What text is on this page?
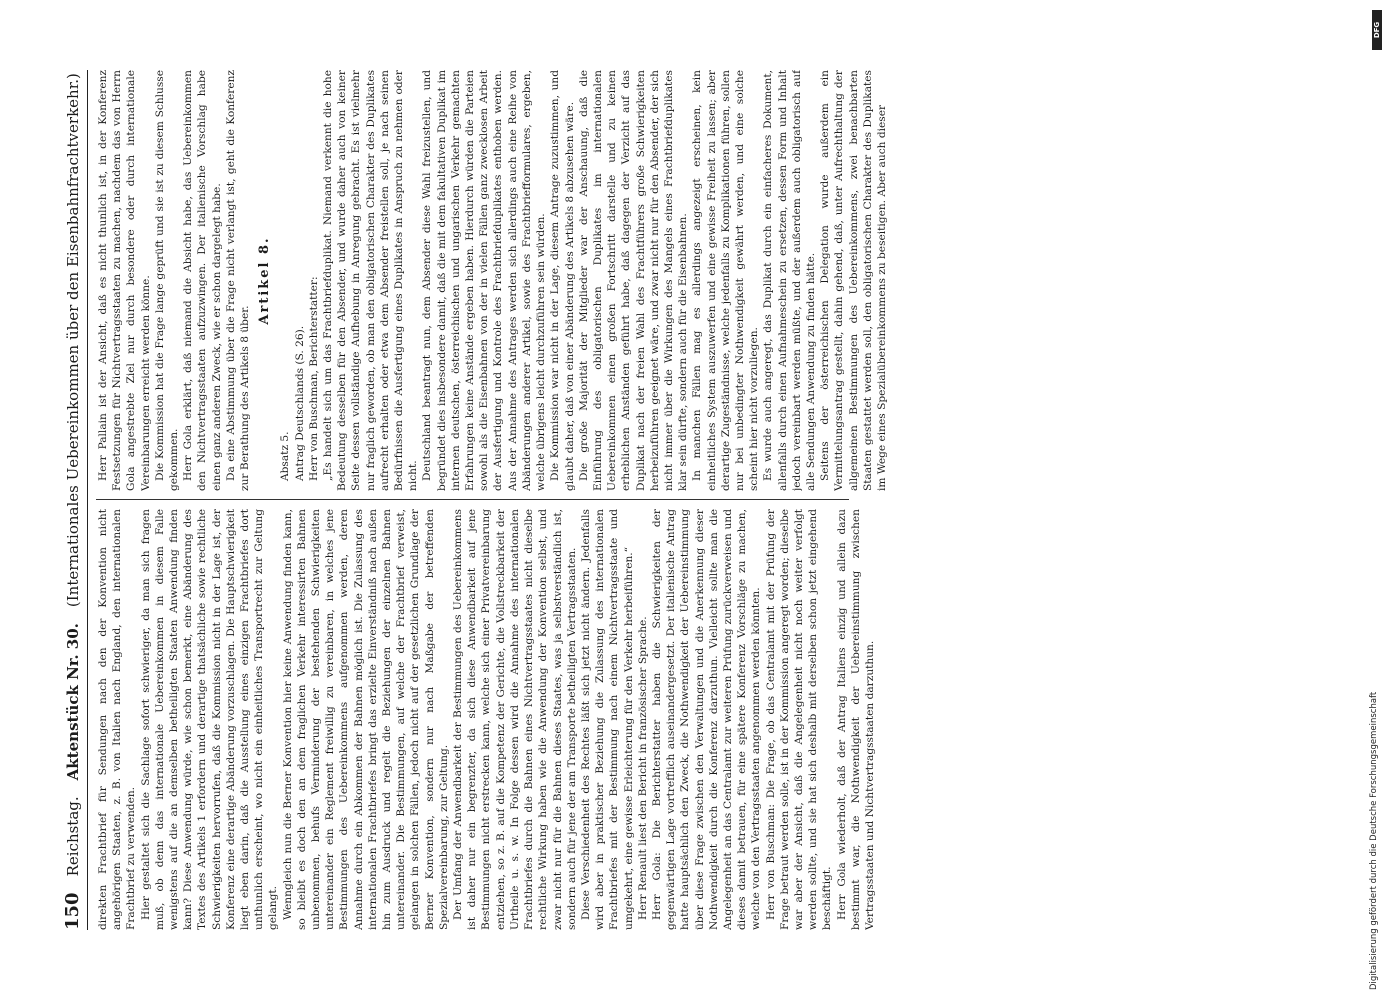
150
Reichstag.
Aktenstück Nr. 30.
(Internationales Uebereinkommen über den Eisenbahnfrachtverkehr.)

direkten Frachtbrief für Sendungen nach den der Konvention nicht angehörigen Staaten, z. B. von Italien nach England, den internationalen Frachtbrief zu verwenden. Hier gestaltet sich die Sachlage sofort schwieriger, da man sich fragen muß, ob denn das internationale Uebereinkommen in diesem Falle wenigstens auf die an demselben betheiligten Staaten Anwendung finden kann? Diese Anwendung würde, wie schon bemerkt, eine Abänderung des Textes des Artikels 1 erfordern und derartige thatsächliche sowie rechtliche Schwierigkeiten hervorrufen, daß die Kommission nicht in der Lage ist, der Konferenz eine derartige Abänderung vorzuschlagen. Die Hauptschwierigkeit liegt eben darin, daß die Ausstellung eines einzigen Frachtbriefes dort unthunlich erscheint, wo nicht ein einheitliches Transportrecht zur Geltung gelangt. Wenngleich nun die Berner Konvention hier keine Anwendung finden kann, so bleibt es doch den an dem fraglichen Verkehr interessirten Bahnen unbenommen, behufs Verminderung der bestehenden Schwierigkeiten untereinander ein Reglement freiwillig zu vereinbaren, in welches jene Bestimmungen des Uebereinkommens aufgenommen werden, deren Annahme durch ein Abkommen der Bahnen möglich ist. Die Zulassung des internationalen Frachtbriefes bringt das erzielte Einverständniß nach außen hin zum Ausdruck und regelt die Beziehungen der einzelnen Bahnen untereinander. Die Bestimmungen, auf welche der Frachtbrief verweist, gelangen in solchen Fällen, jedoch nicht auf der gesetzlichen Grundlage der Berner Konvention, sondern nur nach Maßgabe der betreffenden Spezialvereinbarung, zur Geltung. Der Umfang der Anwendbarkeit der Bestimmungen des Uebereinkommens ist daher nur ein begrenzter, da sich diese Anwendbarkeit auf jene Bestimmungen nicht erstrecken kann, welche sich einer Privatvereinbarung entziehen, so z. B. auf die Kompetenz der Gerichte, die Vollstreckbarkeit der Urtheile u. s. w. In Folge dessen wird die Annahme des internationalen Frachtbriefes durch die Bahnen eines Nichtvertragsstaates nicht dieselbe rechtliche Wirkung haben wie die Anwendung der Konvention selbst, und zwar nicht nur für die Bahnen dieses Staates, was ja selbstverständlich ist, sondern auch für jene der am Transporte betheiligten Vertragsstaaten. Diese Verschiedenheit des Rechtes läßt sich jetzt nicht ändern. Jedenfalls wird aber in praktischer Beziehung die Zulassung des internationalen Frachtbriefes mit der Bestimmung nach einem Nichtvertragsstaate und umgekehrt, eine gewisse Erleichterung für den Verkehr herbeiführen.“ Herr Renault liest den Bericht in französischer Sprache. Herr Gola: Die Berichterstatter haben die Schwierigkeiten der gegenwärtigen Lage vortrefflich auseinandergesetzt. Der italienische Antrag hatte hauptsächlich den Zweck, die Nothwendigkeit der Uebereinstimmung über diese Frage zwischen den Verwaltungen und die Anerkennung dieser Nothwendigkeit durch die Konferenz darzuthun. Vielleicht sollte man die Angelegenheit an das Centralamt zur weiteren Prüfung zurückverweisen und dieses damit betrauen, für eine spätere Konferenz Vorschläge zu machen, welche von den Vertragsstaaten angenommen werden könnten. Herr von Buschman: Die Frage, ob das Centralamt mit der Prüfung der Frage betraut werden solle, ist in der Kommission angeregt worden; dieselbe war aber der Ansicht, daß die Angelegenheit nicht noch weiter verfolgt werden sollte, und sie hat sich deshalb mit derselben schon jetzt eingehend beschäftigt. Herr Gola wiederholt, daß der Antrag Italiens einzig und allein dazu bestimmt war, die Nothwendigkeit der Uebereinstimmung zwischen Vertragsstaaten und Nichtvertragsstaaten darzuthun.

Herr Pallain ist der Ansicht, daß es nicht thunlich ist, in der Konferenz Festsetzungen für Nichtvertragsstaaten zu machen, nachdem das von Herrn Gola angestrebte Ziel nur durch besondere oder durch internationale Vereinbarungen erreicht werden könne. Die Kommission hat die Frage lange geprüft und sie ist zu diesem Schlusse gekommen. Herr Gola erklärt, daß niemand die Absicht habe, das Uebereinkommen den Nichtvertragsstaaten aufzuzwingen. Der italienische Vorschlag habe einen ganz anderen Zweck, wie er schon dargelegt habe. Da eine Abstimmung über die Frage nicht verlangt ist, geht die Konferenz zur Berathung des Artikels 8 über.

Artikel 8.

Absatz 5. Antrag Deutschlands (S. 26). Herr von Buschman, Berichterstatter: „Es handelt sich um das Frachtbriefduplikat. Niemand verkennt die hohe Bedeutung desselben für den Absender, und wurde daher auch von keiner Seite dessen vollständige Aufhebung in Anregung gebracht. Es ist vielmehr nur fraglich geworden, ob man den obligatorischen Charakter des Duplikates aufrecht erhalten oder etwa dem Absender freistellen soll, je nach seinen Bedürfnissen die Ausfertigung eines Duplikates in Anspruch zu nehmen oder nicht. Deutschland beantragt nun, dem Absender diese Wahl freizustellen, und begründet dies insbesondere damit, daß die mit dem fakultativen Duplikat im internen deutschen, österreichischen und ungarischen Verkehr gemachten Erfahrungen keine Anstände ergeben haben. Hierdurch würden die Parteien sowohl als die Eisenbahnen von der in vielen Fällen ganz zwecklosen Arbeit der Ausfertigung und Kontrole des Frachtbriefduplikates enthoben werden. Aus der Annahme des Antrages werden sich allerdings auch eine Reihe von Abänderungen anderer Artikel, sowie des Frachtbriefformulares, ergeben, welche übrigens leicht durchzuführen sein würden. Die Kommission war nicht in der Lage, diesem Antrage zuzustimmen, und glaubt daher, daß von einer Abänderung des Artikels 8 abzusehen wäre. Die große Majorität der Mitglieder war der Anschauung, daß die Einführung des obligatorischen Duplikates im internationalen Uebereinkommen einen großen Fortschritt darstelle und zu keinen erheblichen Anständen geführt habe, daß dagegen der Verzicht auf das Duplikat nach der freien Wahl des Frachtführers große Schwierigkeiten herbeizuführen geeignet wäre, und zwar nicht nur für den Absender, der sich nicht immer über die Wirkungen des Mangels eines Frachtbriefduplikates klar sein dürfte, sondern auch für die Eisenbahnen. In manchen Fällen mag es allerdings angezeigt erscheinen, kein einheitliches System auszuwerfen und eine gewisse Freiheit zu lassen; aber derartige Zugeständnisse, welche jedenfalls zu Komplikationen führen, sollen nur bei unbedingter Nothwendigkeit gewährt werden, und eine solche scheint hier nicht vorzuliegen. Es wurde auch angeregt, das Duplikat durch ein einfacheres Dokument, allenfalls durch einen Aufnahmeschein zu ersetzen, dessen Form und Inhalt jedoch vereinbart werden müßte, und der außerdem auch obligatorisch auf alle Sendungen Anwendung zu finden hätte. Seitens der österreichischen Delegation wurde außerdem ein Vermittelungsantrag gestellt, dahin gehend, daß, unter Aufrechthaltung der allgemeinen Bestimmungen des Uebereinkommens, zwei benachbarten Staaten gestattet werden soll, den obligatorischen Charakter des Duplikates im Wege eines Spezialübereinkommens zu beseitigen. Aber auch dieser

Digitalisierung gefördert durch die Deutsche Forschungsgemeinschaft
DFG
